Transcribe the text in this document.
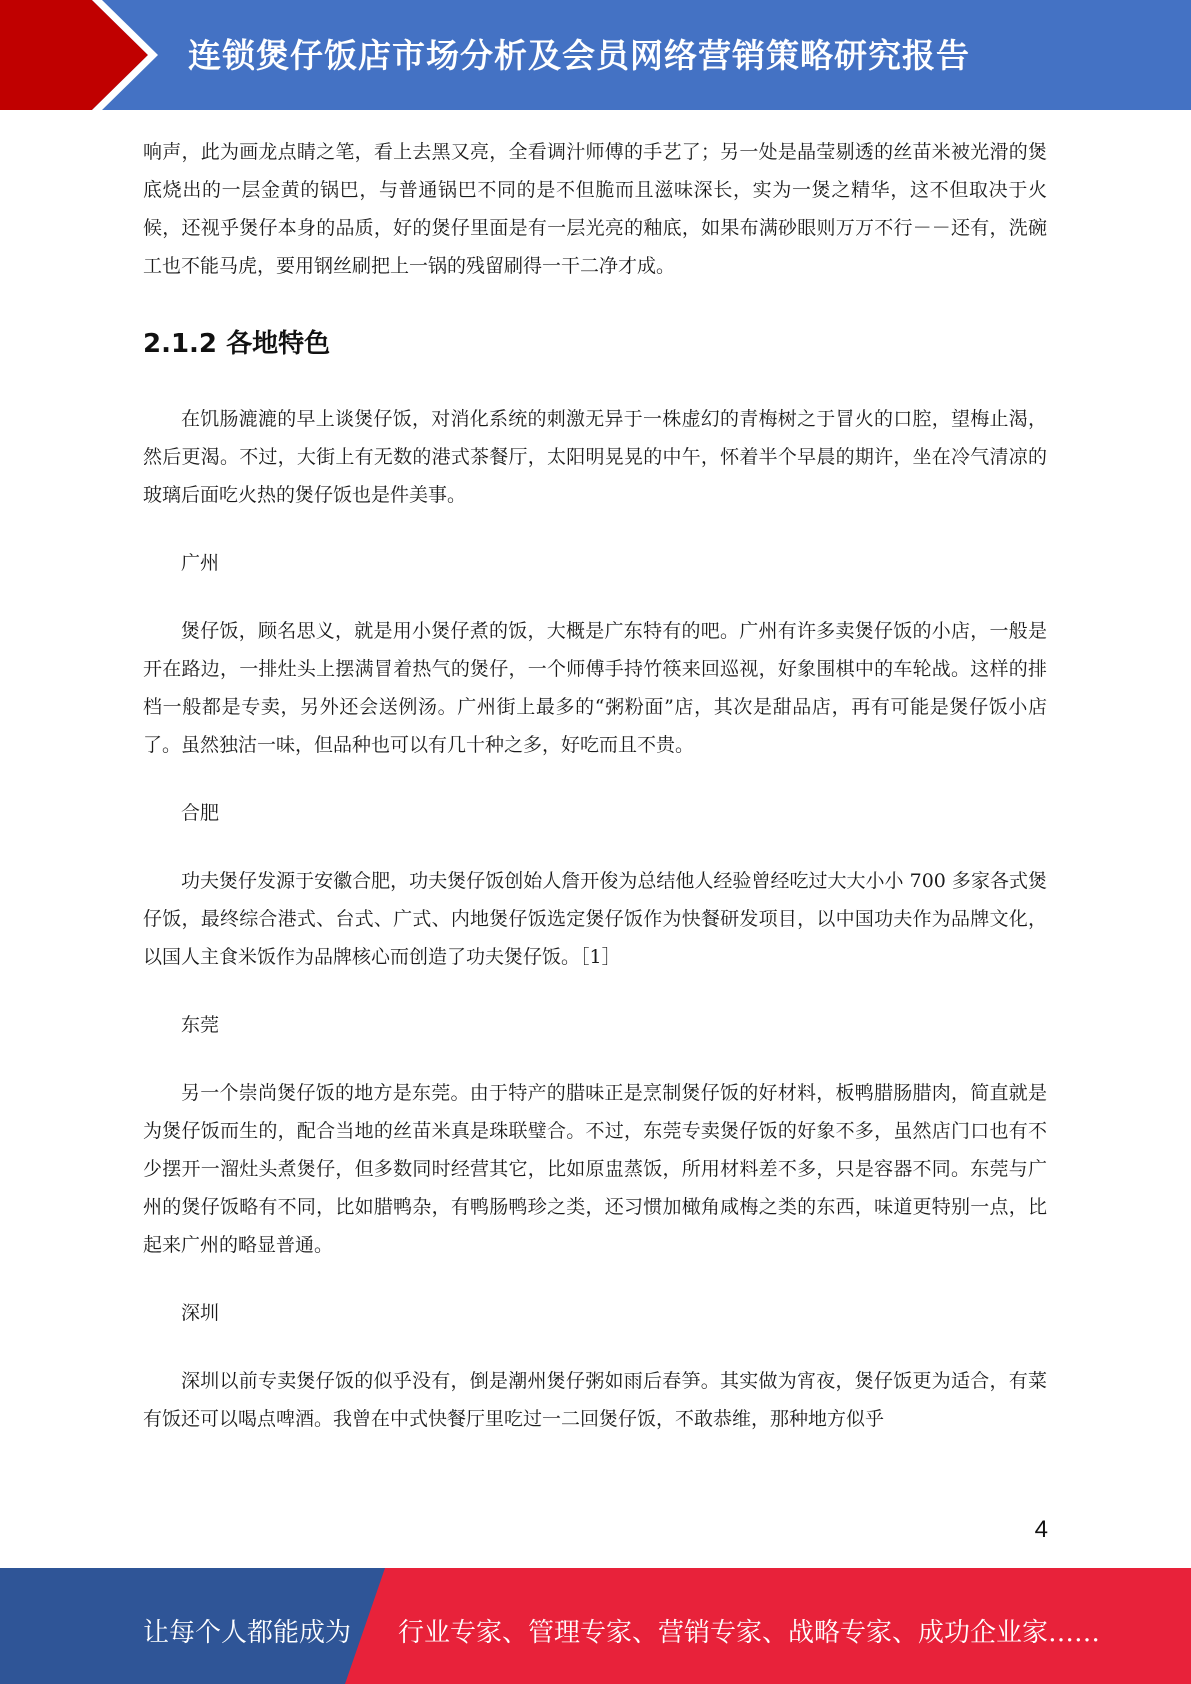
连锁煲仔饭店市场分析及会员网络营销策略研究报告

响声，此为画龙点睛之笔，看上去黑又亮，全看调汁师傅的手艺了；另一处是晶莹剔透的丝苗米被光滑的煲底烧出的一层金黄的锅巴，与普通锅巴不同的是不但脆而且滋味深长，实为一煲之精华，这不但取决于火候，还视乎煲仔本身的品质，好的煲仔里面是有一层光亮的釉底，如果布满砂眼则万万不行－－还有，洗碗工也不能马虎，要用钢丝刷把上一锅的残留刷得一干二净才成。

2.1.2 各地特色

在饥肠漉漉的早上谈煲仔饭，对消化系统的刺激无异于一株虚幻的青梅树之于冒火的口腔，望梅止渴，然后更渴。不过，大街上有无数的港式茶餐厅，太阳明晃晃的中午，怀着半个早晨的期许，坐在冷气清凉的玻璃后面吃火热的煲仔饭也是件美事。

广州

煲仔饭，顾名思义，就是用小煲仔煮的饭，大概是广东特有的吧。广州有许多卖煲仔饭的小店，一般是开在路边，一排灶头上摆满冒着热气的煲仔，一个师傅手持竹筷来回巡视，好象围棋中的车轮战。这样的排档一般都是专卖，另外还会送例汤。广州街上最多的“粥粉面”店，其次是甜品店，再有可能是煲仔饭小店了。虽然独沽一味，但品种也可以有几十种之多，好吃而且不贵。

合肥

功夫煲仔发源于安徽合肥，功夫煲仔饭创始人詹开俊为总结他人经验曾经吃过大大小小 700 多家各式煲仔饭，最终综合港式、台式、广式、内地煲仔饭选定煲仔饭作为快餐研发项目，以中国功夫作为品牌文化，以国人主食米饭作为品牌核心而创造了功夫煲仔饭。［1］

东莞

另一个崇尚煲仔饭的地方是东莞。由于特产的腊味正是烹制煲仔饭的好材料，板鸭腊肠腊肉，简直就是为煲仔饭而生的，配合当地的丝苗米真是珠联璧合。不过，东莞专卖煲仔饭的好象不多，虽然店门口也有不少摆开一溜灶头煮煲仔，但多数同时经营其它，比如原盅蒸饭，所用材料差不多，只是容器不同。东莞与广州的煲仔饭略有不同，比如腊鸭杂，有鸭肠鸭珍之类，还习惯加橄角咸梅之类的东西，味道更特别一点，比起来广州的略显普通。

深圳

深圳以前专卖煲仔饭的似乎没有，倒是潮州煲仔粥如雨后春笋。其实做为宵夜，煲仔饭更为适合，有菜有饭还可以喝点啤酒。我曾在中式快餐厅里吃过一二回煲仔饭，不敢恭维，那种地方似乎

4
让每个人都能成为 行业专家、管理专家、营销专家、战略专家、成功企业家……
